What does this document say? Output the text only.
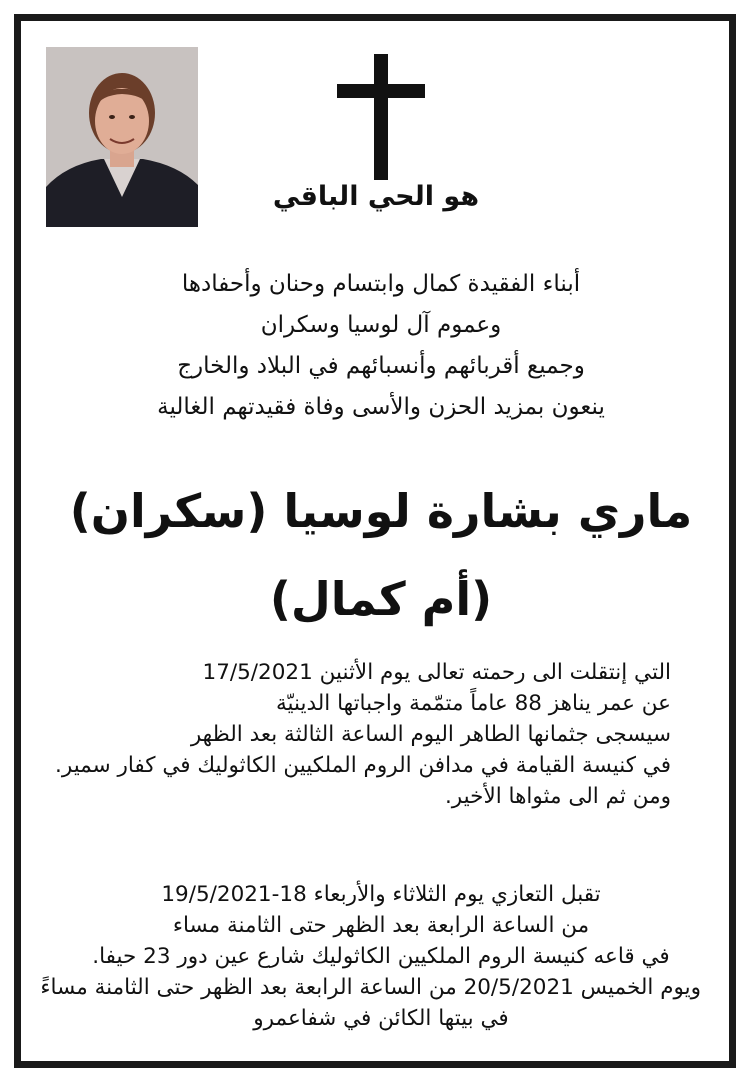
هو الحي الباقي
أبناء الفقيدة كمال وابتسام وحنان وأحفادها
وعموم آل لوسيا وسكران
وجميع أقربائهم وأنسبائهم في البلاد والخارج
ينعون بمزيد الحزن والأسى وفاة فقيدتهم الغالية
ماري بشارة لوسيا (سكران)
(أم كمال)
التي إنتقلت الى رحمته تعالى يوم الأثنين 17/5/2021
عن عمر يناهز 88 عاماً متمّمة واجباتها الدينيّة
سيسجى جثمانها الطاهر اليوم الساعة الثالثة بعد الظهر
في كنيسة القيامة في مدافن الروم الملكيين الكاثوليك في كفار سمير.
ومن ثم الى مثواها الأخير.
تقبل التعازي يوم الثلاثاء والأربعاء 18-19/5/2021
من الساعة الرابعة بعد الظهر حتى الثامنة مساء
في قاعه كنيسة الروم الملكيين الكاثوليك شارع عين دور 23 حيفا.
ويوم الخميس 20/5/2021 من الساعة الرابعة بعد الظهر حتى الثامنة مساءً
في بيتها الكائن في شفاعمرو
